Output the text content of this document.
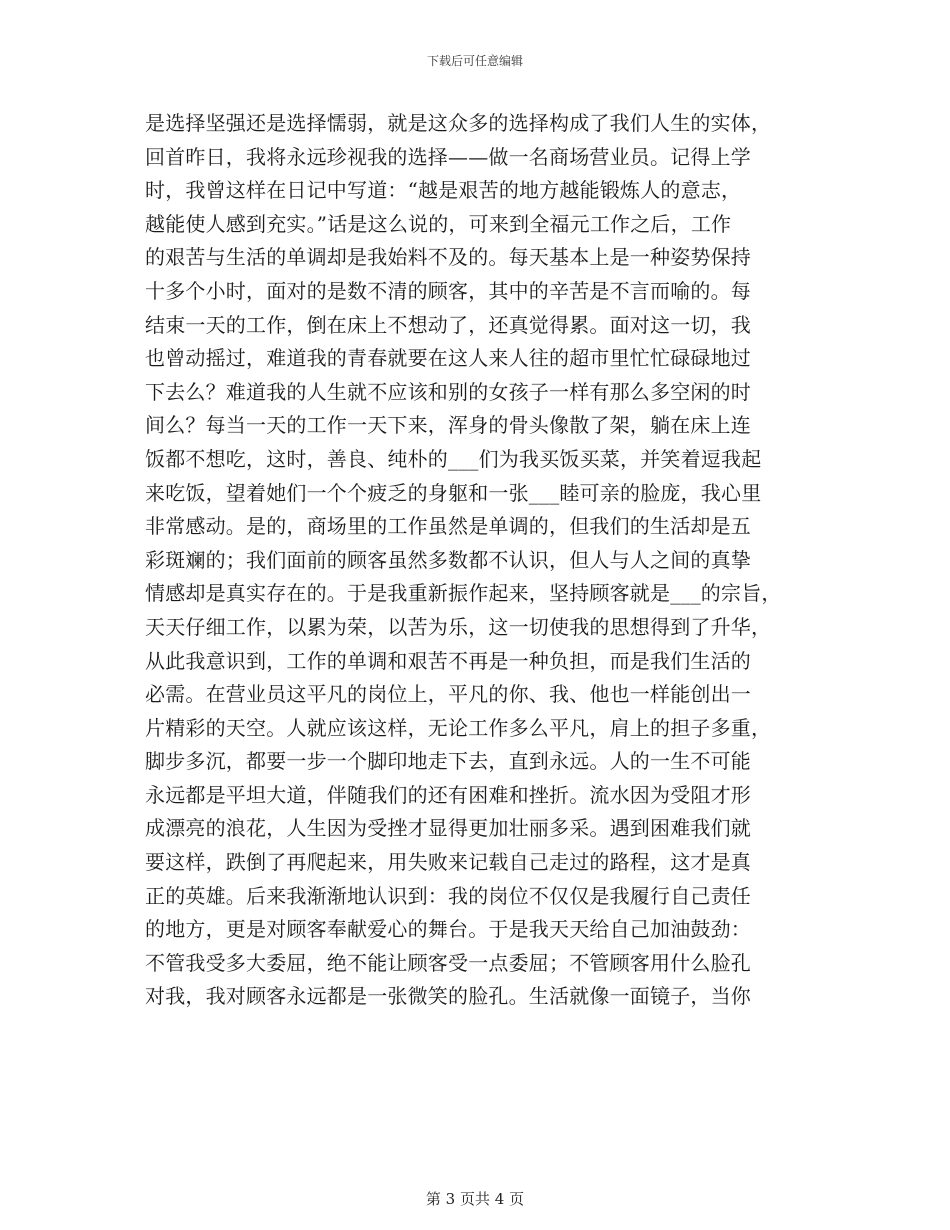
下载后可任意编辑
是选择坚强还是选择懦弱，就是这众多的选择构成了我们人生的实体，
回首昨日，我将永远珍视我的选择——做一名商场营业员。记得上学
时，我曾这样在日记中写道：“越是艰苦的地方越能锻炼人的意志，
越能使人感到充实。”话是这么说的，可来到全福元工作之后，工作
的艰苦与生活的单调却是我始料不及的。每天基本上是一种姿势保持
十多个小时，面对的是数不清的顾客，其中的辛苦是不言而喻的。每
结束一天的工作，倒在床上不想动了，还真觉得累。面对这一切，我
也曾动摇过，难道我的青春就要在这人来人往的超市里忙忙碌碌地过
下去么？难道我的人生就不应该和别的女孩子一样有那么多空闲的时
间么？每当一天的工作一天下来，浑身的骨头像散了架，躺在床上连
饭都不想吃，这时，善良、纯朴的___们为我买饭买菜，并笑着逗我起
来吃饭，望着她们一个个疲乏的身躯和一张___睦可亲的脸庞，我心里
非常感动。是的，商场里的工作虽然是单调的，但我们的生活却是五
彩斑斓的；我们面前的顾客虽然多数都不认识，但人与人之间的真挚
情感却是真实存在的。于是我重新振作起来，坚持顾客就是___的宗旨，
天天仔细工作，以累为荣，以苦为乐，这一切使我的思想得到了升华，
从此我意识到，工作的单调和艰苦不再是一种负担，而是我们生活的
必需。在营业员这平凡的岗位上，平凡的你、我、他也一样能创出一
片精彩的天空。人就应该这样，无论工作多么平凡，肩上的担子多重，
脚步多沉，都要一步一个脚印地走下去，直到永远。人的一生不可能
永远都是平坦大道，伴随我们的还有困难和挫折。流水因为受阻才形
成漂亮的浪花，人生因为受挫才显得更加壮丽多采。遇到困难我们就
要这样，跌倒了再爬起来，用失败来记载自己走过的路程，这才是真
正的英雄。后来我渐渐地认识到：我的岗位不仅仅是我履行自己责任
的地方，更是对顾客奉献爱心的舞台。于是我天天给自己加油鼓劲：
不管我受多大委屈，绝不能让顾客受一点委屈；不管顾客用什么脸孔
对我，我对顾客永远都是一张微笑的脸孔。生活就像一面镜子，当你
第 3 页共 4 页
